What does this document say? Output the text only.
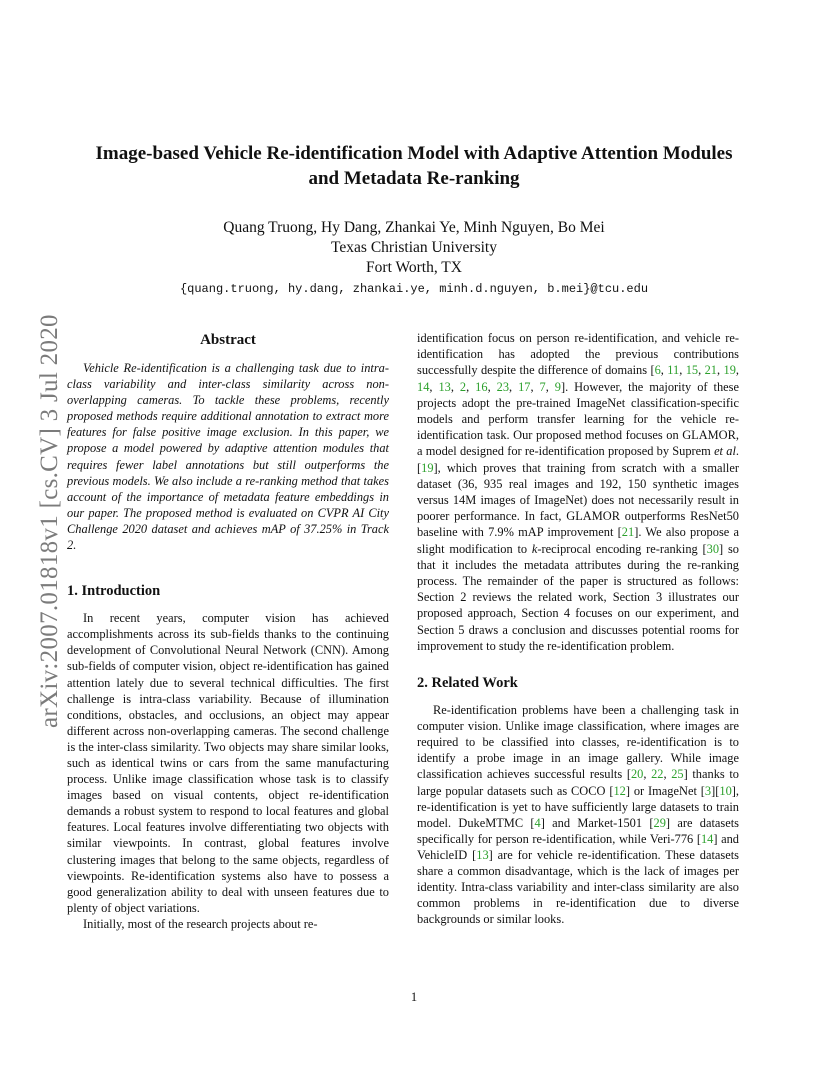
arXiv:2007.01818v1 [cs.CV] 3 Jul 2020
Image-based Vehicle Re-identification Model with Adaptive Attention Modules
and Metadata Re-ranking
Quang Truong, Hy Dang, Zhankai Ye, Minh Nguyen, Bo Mei
Texas Christian University
Fort Worth, TX
{quang.truong, hy.dang, zhankai.ye, minh.d.nguyen, b.mei}@tcu.edu
Abstract

Vehicle Re-identification is a challenging task due to intra-class variability and inter-class similarity across non-overlapping cameras. To tackle these problems, recently proposed methods require additional annotation to extract more features for false positive image exclusion. In this paper, we propose a model powered by adaptive attention modules that requires fewer label annotations but still outperforms the previous models. We also include a re-ranking method that takes account of the importance of metadata feature embeddings in our paper. The proposed method is evaluated on CVPR AI City Challenge 2020 dataset and achieves mAP of 37.25% in Track 2.

1. Introduction

In recent years, computer vision has achieved accomplishments across its sub-fields thanks to the continuing development of Convolutional Neural Network (CNN). Among sub-fields of computer vision, object re-identification has gained attention lately due to several technical difficulties. The first challenge is intra-class variability. Because of illumination conditions, obstacles, and occlusions, an object may appear different across non-overlapping cameras. The second challenge is the inter-class similarity. Two objects may share similar looks, such as identical twins or cars from the same manufacturing process. Unlike image classification whose task is to classify images based on visual contents, object re-identification demands a robust system to respond to local features and global features. Local features involve differentiating two objects with similar viewpoints. In contrast, global features involve clustering images that belong to the same objects, regardless of viewpoints. Re-identification systems also have to possess a good generalization ability to deal with unseen features due to plenty of object variations.

Initially, most of the research projects about re-

identification focus on person re-identification, and vehicle re-identification has adopted the previous contributions successfully despite the difference of domains [6, 11, 15, 21, 19, 14, 13, 2, 16, 23, 17, 7, 9]. However, the majority of these projects adopt the pre-trained ImageNet classification-specific models and perform transfer learning for the vehicle re-identification task. Our proposed method focuses on GLAMOR, a model designed for re-identification proposed by Suprem et al. [19], which proves that training from scratch with a smaller dataset (36, 935 real images and 192, 150 synthetic images versus 14M images of ImageNet) does not necessarily result in poorer performance. In fact, GLAMOR outperforms ResNet50 baseline with 7.9% mAP improvement [21]. We also propose a slight modification to k-reciprocal encoding re-ranking [30] so that it includes the metadata attributes during the re-ranking process. The remainder of the paper is structured as follows: Section 2 reviews the related work, Section 3 illustrates our proposed approach, Section 4 focuses on our experiment, and Section 5 draws a conclusion and discusses potential rooms for improvement to study the re-identification problem.

2. Related Work

Re-identification problems have been a challenging task in computer vision. Unlike image classification, where images are required to be classified into classes, re-identification is to identify a probe image in an image gallery. While image classification achieves successful results [20, 22, 25] thanks to large popular datasets such as COCO [12] or ImageNet [3][10], re-identification is yet to have sufficiently large datasets to train model. DukeMTMC [4] and Market-1501 [29] are datasets specifically for person re-identification, while Veri-776 [14] and VehicleID [13] are for vehicle re-identification. These datasets share a common disadvantage, which is the lack of images per identity. Intra-class variability and inter-class similarity are also common problems in re-identification due to diverse backgrounds or similar looks.

1
